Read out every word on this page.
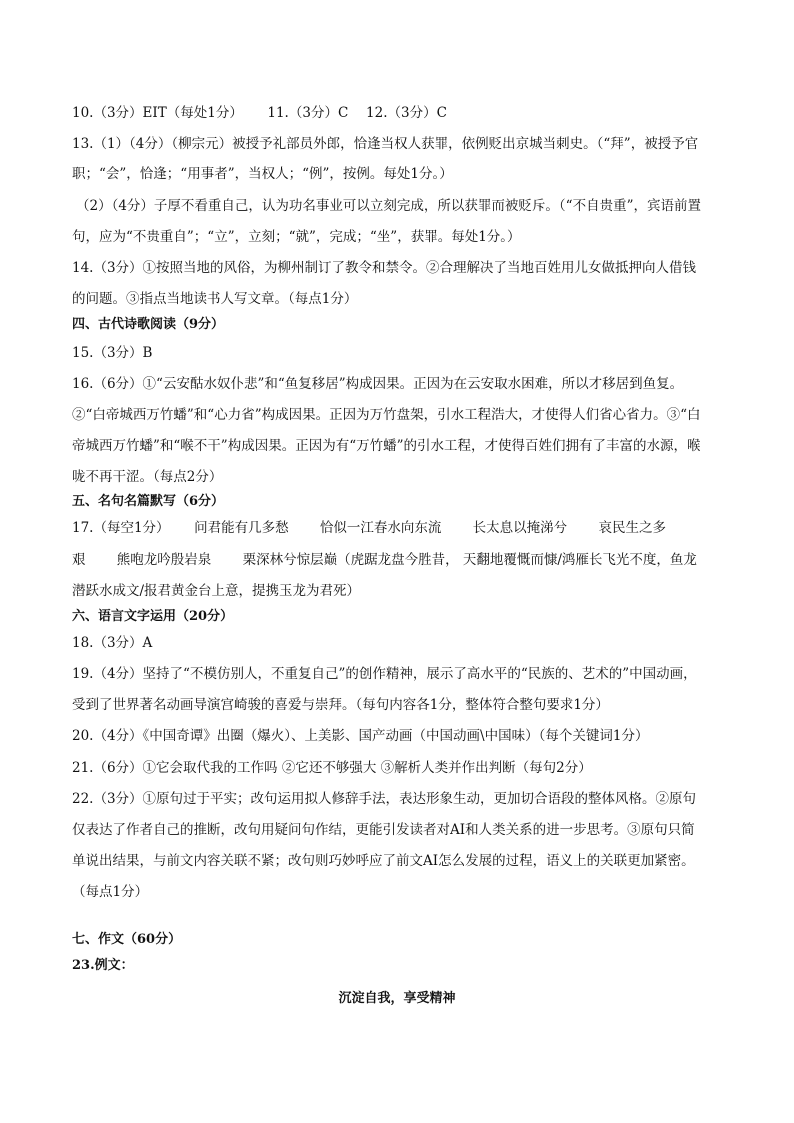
10.（3分）EIT（每处1分）　　 11.（3分）C　 12.（3分）C
13.（1）（4分）（柳宗元）被授予礼部员外郎，恰逢当权人获罪，依例贬出京城当刺史。（“拜”，被授予官
职；“会”，恰逢；“用事者”，当权人；“例”，按例。每处1分。）
（2）（4分）子厚不看重自己，认为功名事业可以立刻完成，所以获罪而被贬斥。（“不自贵重”，宾语前置
句，应为“不贵重自”；“立”，立刻；“就”，完成；“坐”，获罪。每处1分。）
14.（3分）①按照当地的风俗，为柳州制订了教令和禁令。②合理解决了当地百姓用儿女做抵押向人借钱
的问题。③指点当地读书人写文章。（每点1分）
四、古代诗歌阅读（9分）
15.（3分）B
16.（6分）①“云安酤水奴仆悲”和“鱼复移居”构成因果。正因为在云安取水困难，所以才移居到鱼复。
②“白帝城西万竹蟠”和“心力省”构成因果。正因为万竹盘架，引水工程浩大，才使得人们省心省力。③“白
帝城西万竹蟠”和“喉不干”构成因果。正因为有“万竹蟠”的引水工程，才使得百姓们拥有了丰富的水源，喉
咙不再干涩。（每点2分）
五、名句名篇默写（6分）
17.（每空1分）　　 问君能有几多愁　　 恰似一江春水向东流　　 长太息以掩涕兮　　 哀民生之多
艰　　 熊咆龙吟殷岩泉　　 栗深林兮惊层巅（虎踞龙盘今胜昔， 天翻地覆慨而慷/鸿雁长飞光不度，鱼龙
潜跃水成文/报君黄金台上意，提携玉龙为君死）
六、语言文字运用（20分）
18.（3分）A
19.（4分）坚持了“不模仿别人，不重复自己”的创作精神，展示了高水平的“民族的、艺术的”中国动画，
受到了世界著名动画导演宫崎骏的喜爱与崇拜。（每句内容各1分，整体符合整句要求1分）
20.（4分）《中国奇谭》出圈（爆火）、上美影、国产动画（中国动画\中国味）（每个关键词1分）
21.（6分）①它会取代我的工作吗 ②它还不够强大 ③解析人类并作出判断（每句2分）
22.（3分）①原句过于平实；改句运用拟人修辞手法，表达形象生动，更加切合语段的整体风格。②原句
仅表达了作者自己的推断，改句用疑问句作结，更能引发读者对AI和人类关系的进一步思考。③原句只简
单说出结果，与前文内容关联不紧；改句则巧妙呼应了前文AI怎么发展的过程，语义上的关联更加紧密。
（每点1分）
七、作文（60分）
23.例文：
沉淀自我，享受精神
